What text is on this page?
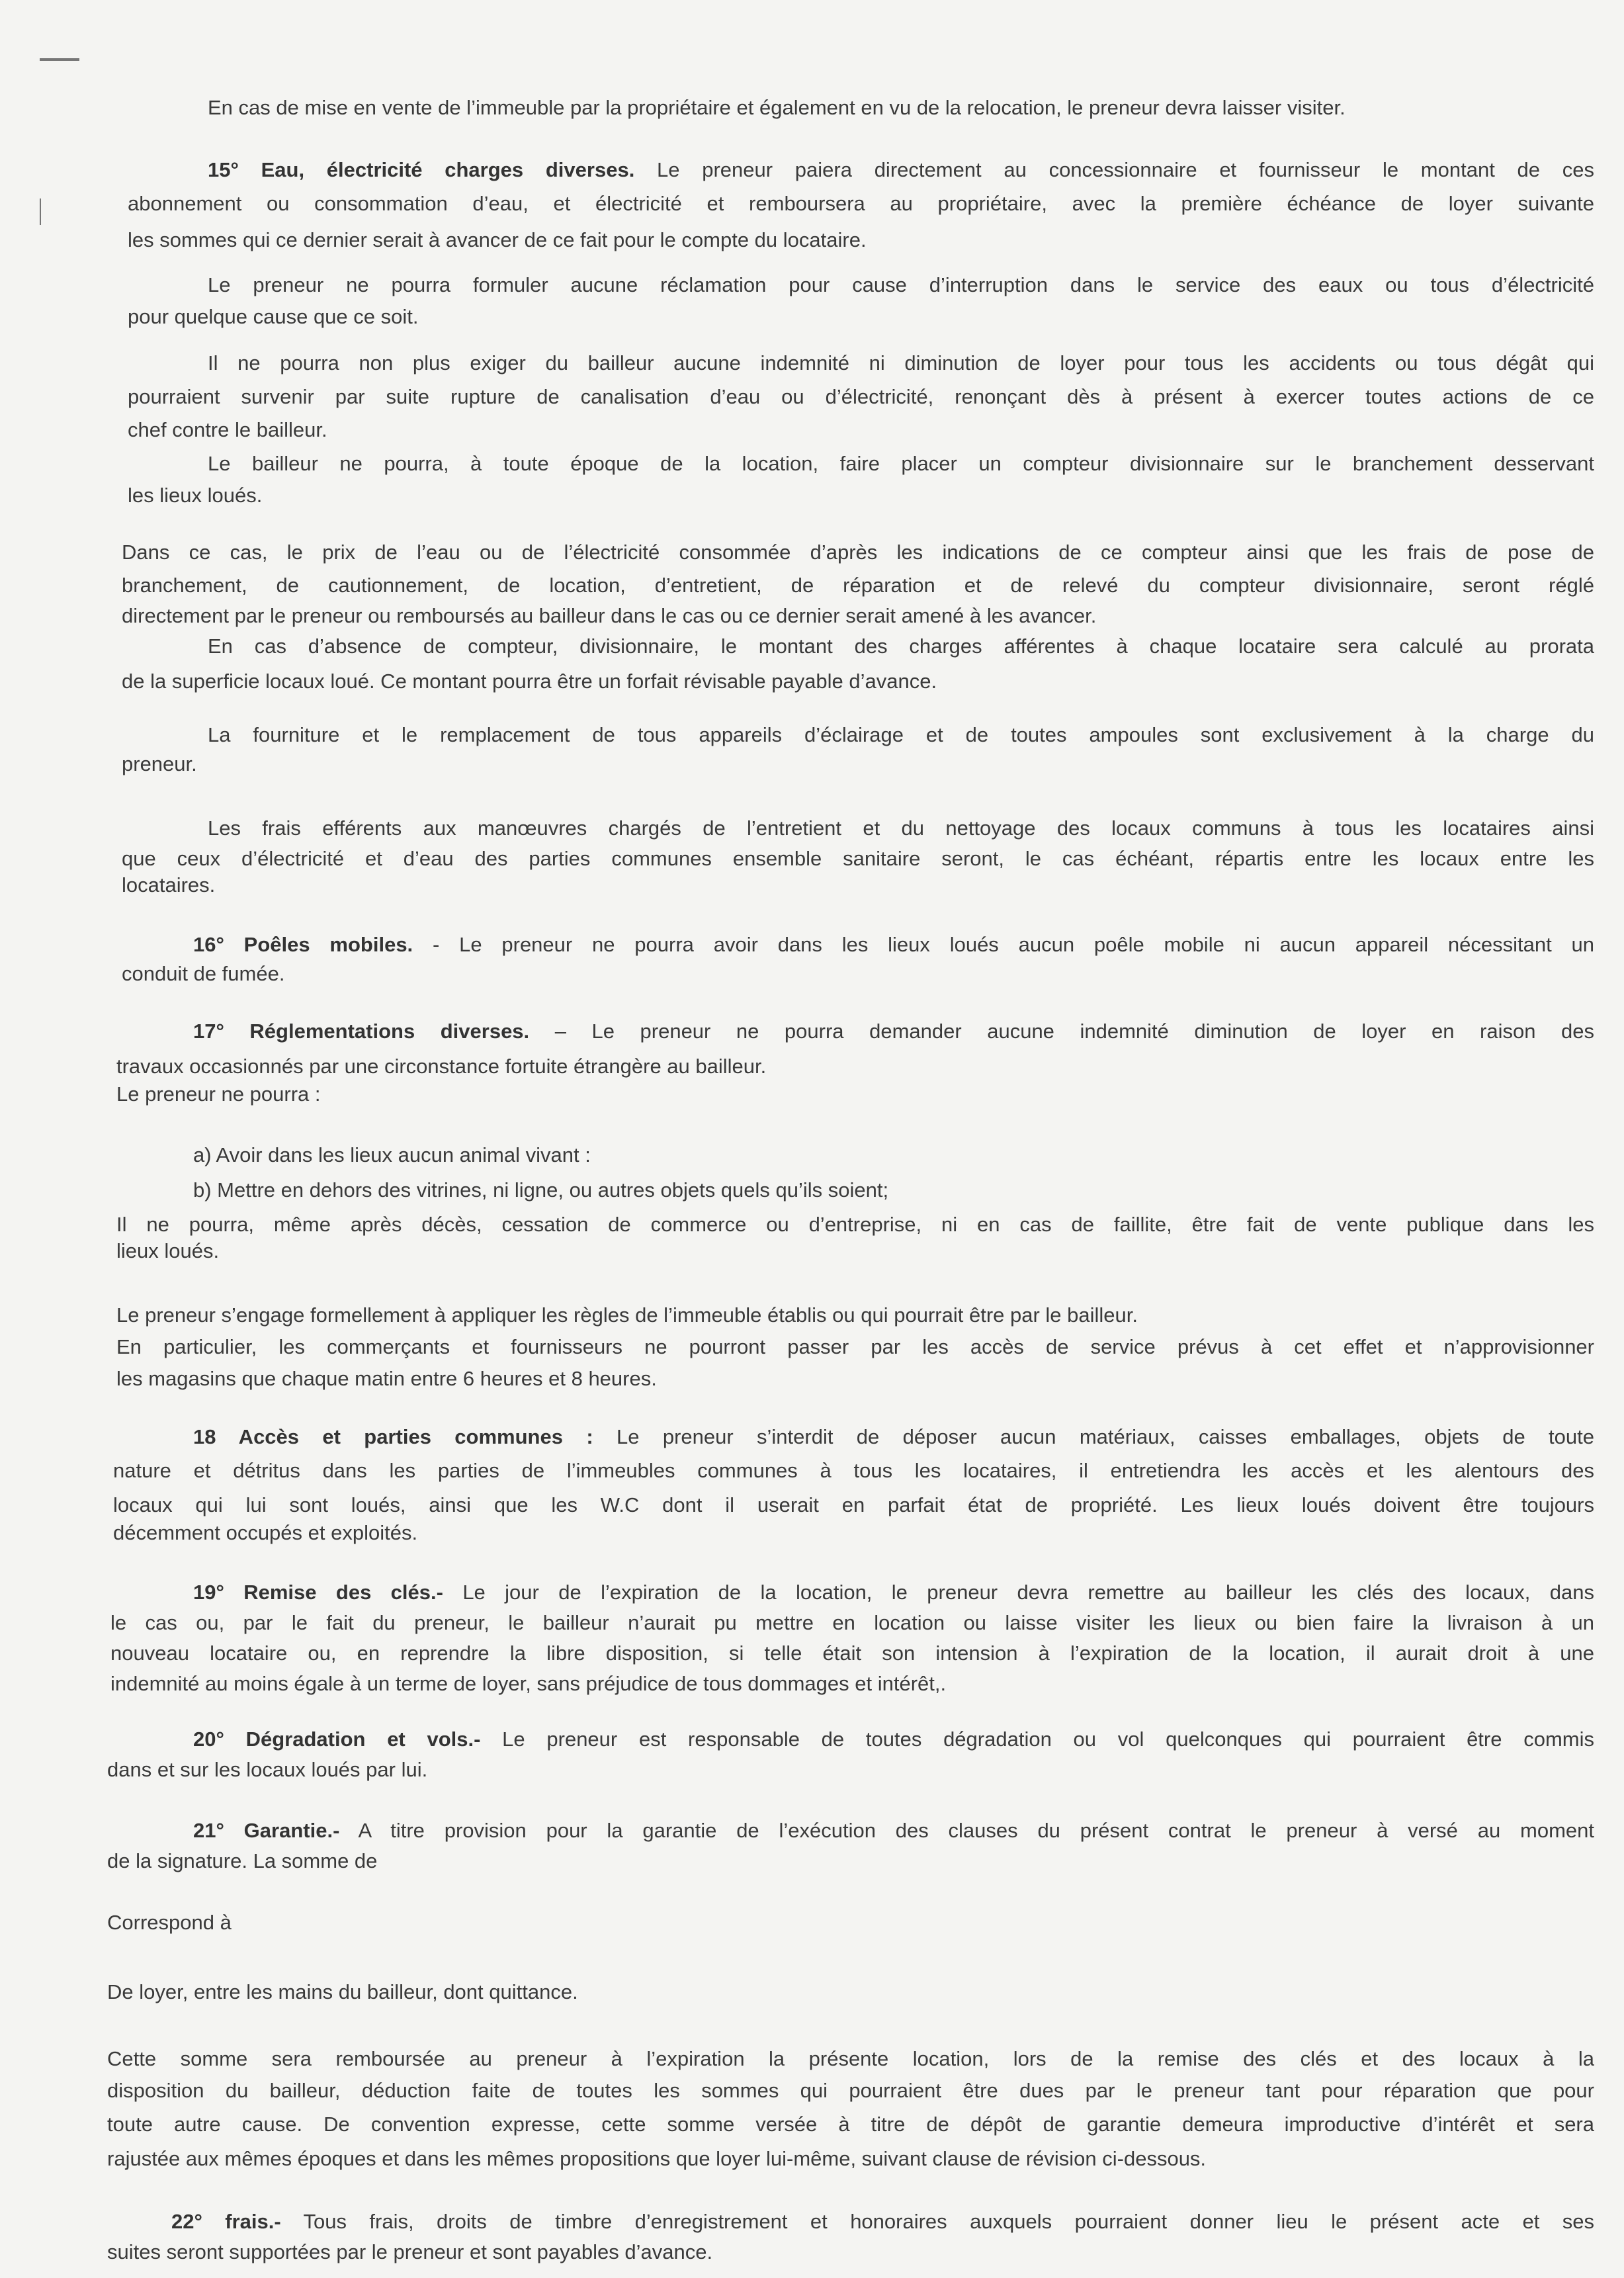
En cas de mise en vente de l’immeuble par la propriétaire et également en vu de la relocation, le preneur devra laisser visiter.
15° Eau, électricité charges diverses. Le preneur paiera directement au concessionnaire et fournisseur le montant de ces
abonnement ou consommation d’eau, et électricité et remboursera au propriétaire, avec la première échéance de loyer suivante
les sommes qui ce dernier serait à avancer de ce fait pour le compte du locataire.
Le preneur ne pourra formuler aucune réclamation pour cause d’interruption dans le service des eaux ou tous d’électricité
pour quelque cause que ce soit.
Il ne pourra non plus exiger du bailleur aucune indemnité ni diminution de loyer pour tous les accidents ou tous dégât qui
pourraient survenir par suite rupture de canalisation d’eau ou d’électricité, renonçant dès à présent à exercer toutes actions de ce
chef contre le bailleur.
Le bailleur ne pourra, à toute époque de la location, faire placer un compteur divisionnaire sur le branchement desservant
les lieux loués.
Dans ce cas, le prix de l’eau ou de l’électricité consommée d’après les indications de ce compteur ainsi que les frais de pose de
branchement, de cautionnement, de location, d’entretient, de réparation et de relevé du compteur divisionnaire, seront réglé
directement par le preneur ou remboursés au bailleur dans le cas ou ce dernier serait amené à les avancer.
En cas d’absence de compteur, divisionnaire, le montant des charges afférentes à chaque locataire sera calculé au prorata
de la superficie locaux loué. Ce montant pourra être un forfait révisable payable d’avance.
La fourniture et le remplacement de tous appareils d’éclairage et de toutes ampoules sont exclusivement à la charge du
preneur.
Les frais efférents aux manœuvres chargés de l’entretient et du nettoyage des locaux communs à tous les locataires ainsi
que ceux d’électricité et d’eau des parties communes ensemble sanitaire seront, le cas échéant, répartis entre les locaux entre les
locataires.
16° Poêles mobiles. - Le preneur ne pourra avoir dans les lieux loués aucun poêle mobile ni aucun appareil nécessitant un
conduit de fumée.
17° Réglementations diverses. – Le preneur ne pourra demander aucune indemnité diminution de loyer en raison des
travaux occasionnés par une circonstance fortuite étrangère au bailleur.
Le preneur ne pourra :
a) Avoir dans les lieux aucun animal vivant :
b) Mettre en dehors des vitrines, ni ligne, ou autres objets quels qu’ils soient;
Il ne pourra, même après décès, cessation de commerce ou d’entreprise, ni en cas de faillite, être fait de vente publique dans les
lieux loués.
Le preneur s’engage formellement à appliquer les règles de l’immeuble établis ou qui pourrait être par le bailleur.
En particulier, les commerçants et fournisseurs ne pourront passer par les accès de service prévus à cet effet et n’approvisionner
les magasins que chaque matin entre 6 heures et 8 heures.
18 Accès et parties communes : Le preneur s’interdit de déposer aucun matériaux, caisses emballages, objets de toute
nature et détritus dans les parties de l’immeubles communes à tous les locataires, il entretiendra les accès et les alentours des
locaux qui lui sont loués, ainsi que les W.C dont il userait en parfait état de propriété. Les lieux loués doivent être toujours
décemment occupés et exploités.
19° Remise des clés.- Le jour de l’expiration de la location, le preneur devra remettre au bailleur les clés des locaux, dans
le cas ou, par le fait du preneur, le bailleur n’aurait pu mettre en location ou laisse visiter les lieux ou bien faire la livraison à un
nouveau locataire ou, en reprendre la libre disposition, si telle était son intension à l’expiration de la location, il aurait droit à une
indemnité au moins égale à un terme de loyer, sans préjudice de tous dommages et intérêt,.
20° Dégradation et vols.- Le preneur est responsable de toutes dégradation ou vol quelconques qui pourraient être commis
dans et sur les locaux loués par lui.
21° Garantie.- A titre provision pour la garantie de l’exécution des clauses du présent contrat le preneur à versé au moment
de la signature. La somme de
Correspond à
De loyer, entre les mains du bailleur, dont quittance.
Cette somme sera remboursée au preneur à l’expiration la présente location, lors de la remise des clés et des locaux à la
disposition du bailleur, déduction faite de toutes les sommes qui pourraient être dues par le preneur tant pour réparation que pour
toute autre cause. De convention expresse, cette somme versée à titre de dépôt de garantie demeura improductive d’intérêt et sera
rajustée aux mêmes époques et dans les mêmes propositions que loyer lui-même, suivant clause de révision ci-dessous.
22° frais.- Tous frais, droits de timbre d’enregistrement et honoraires auxquels pourraient donner lieu le présent acte et ses
suites seront supportées par le preneur et sont payables d’avance.
